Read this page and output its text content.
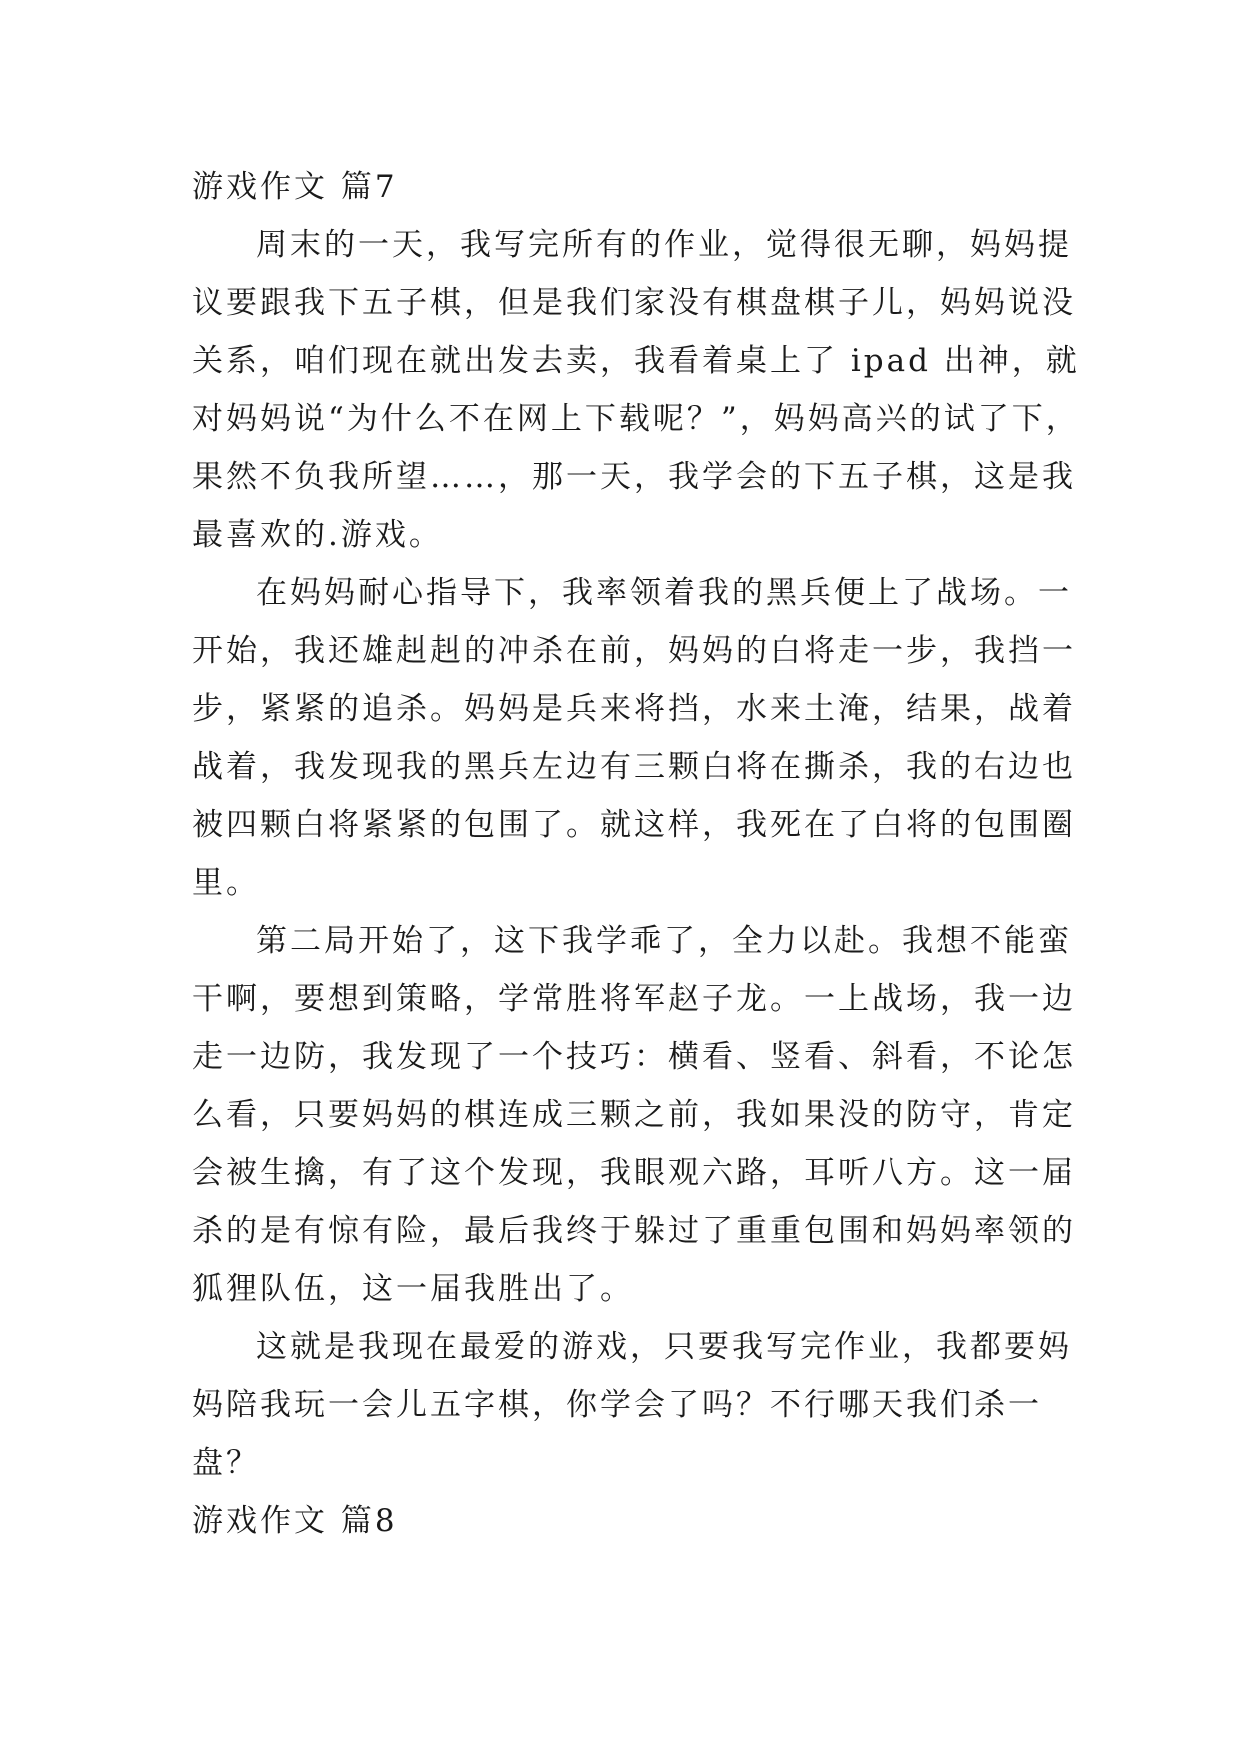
游戏作文 篇7
周末的一天，我写完所有的作业，觉得很无聊，妈妈提
议要跟我下五子棋，但是我们家没有棋盘棋子儿，妈妈说没
关系，咱们现在就出发去卖，我看着桌上了 ipad 出神，就
对妈妈说“为什么不在网上下载呢？”，妈妈高兴的试了下，
果然不负我所望……，那一天，我学会的下五子棋，这是我
最喜欢的.游戏。
在妈妈耐心指导下，我率领着我的黑兵便上了战场。一
开始，我还雄赳赳的冲杀在前，妈妈的白将走一步，我挡一
步，紧紧的追杀。妈妈是兵来将挡，水来土淹，结果，战着
战着，我发现我的黑兵左边有三颗白将在撕杀，我的右边也
被四颗白将紧紧的包围了。就这样，我死在了白将的包围圈
里。
第二局开始了，这下我学乖了，全力以赴。我想不能蛮
干啊，要想到策略，学常胜将军赵子龙。一上战场，我一边
走一边防，我发现了一个技巧：横看、竖看、斜看，不论怎
么看，只要妈妈的棋连成三颗之前，我如果没的防守，肯定
会被生擒，有了这个发现，我眼观六路，耳听八方。这一届
杀的是有惊有险，最后我终于躲过了重重包围和妈妈率领的
狐狸队伍，这一届我胜出了。
这就是我现在最爱的游戏，只要我写完作业，我都要妈
妈陪我玩一会儿五字棋，你学会了吗？不行哪天我们杀一
盘？
游戏作文 篇8
